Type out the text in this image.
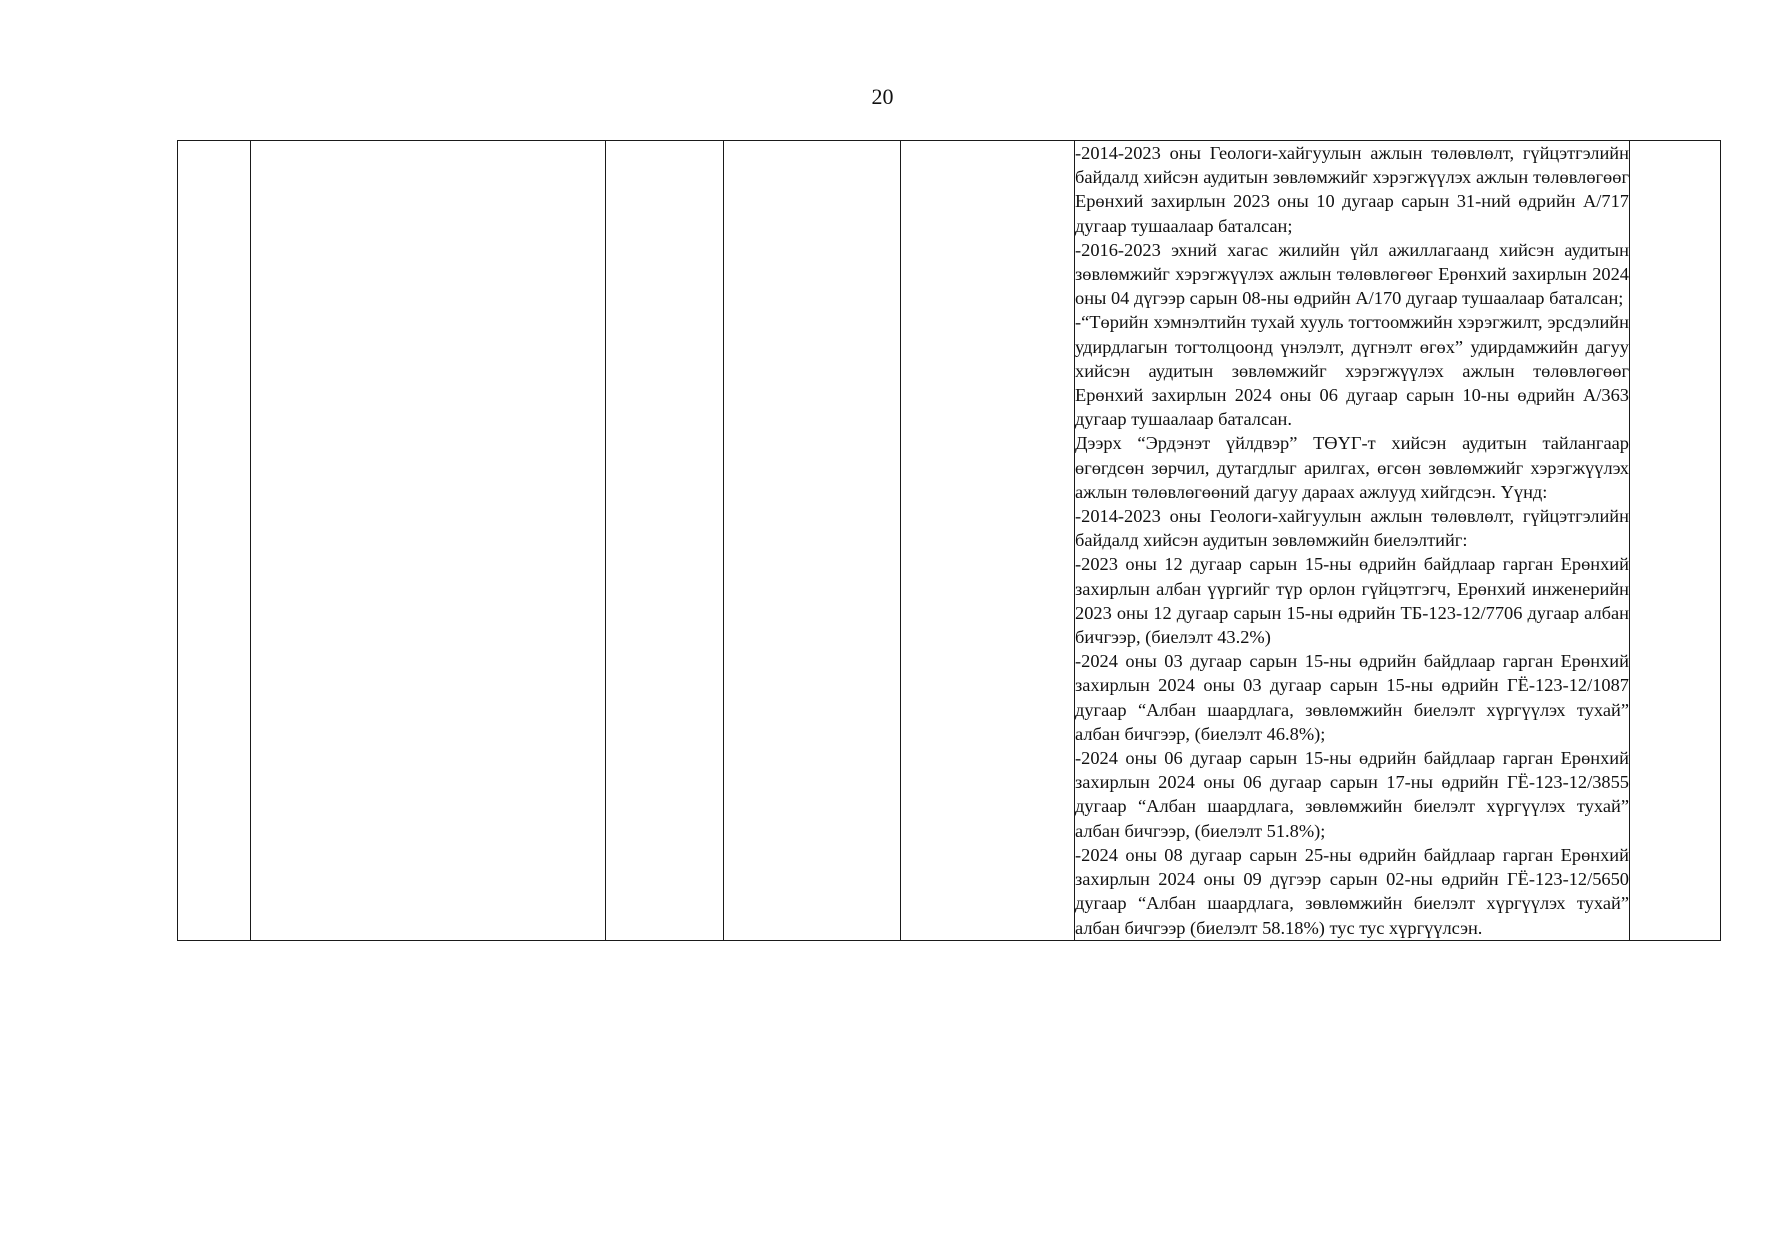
20

-2014-2023 оны Геологи-хайгуулын ажлын төлөвлөлт, гүйцэтгэлийн байдалд хийсэн аудитын зөвлөмжийг хэрэгжүүлэх ажлын төлөвлөгөөг Ерөнхий захирлын 2023 оны 10 дугаар сарын 31-ний өдрийн А/717 дугаар тушаалаар баталсан;

-2016-2023 эхний хагас жилийн үйл ажиллагаанд хийсэн аудитын зөвлөмжийг хэрэгжүүлэх ажлын төлөвлөгөөг Ерөнхий захирлын 2024 оны 04 дүгээр сарын 08-ны өдрийн А/170 дугаар тушаалаар баталсан;

-“Төрийн хэмнэлтийн тухай хууль тогтоомжийн хэрэгжилт, эрсдэлийн удирдлагын тогтолцоонд үнэлэлт, дүгнэлт өгөх” удирдамжийн дагуу хийсэн аудитын зөвлөмжийг хэрэгжүүлэх ажлын төлөвлөгөөг Ерөнхий захирлын 2024 оны 06 дугаар сарын 10-ны өдрийн А/363 дугаар тушаалаар баталсан.

Дээрх “Эрдэнэт үйлдвэр” ТӨҮГ-т хийсэн аудитын тайлангаар өгөгдсөн зөрчил, дутагдлыг арилгах, өгсөн зөвлөмжийг хэрэгжүүлэх ажлын төлөвлөгөөний дагуу дараах ажлууд хийгдсэн. Үүнд:

-2014-2023 оны Геологи-хайгуулын ажлын төлөвлөлт, гүйцэтгэлийн байдалд хийсэн аудитын зөвлөмжийн биелэлтийг:

-2023 оны 12 дугаар сарын 15-ны өдрийн байдлаар гарган Ерөнхий захирлын албан үүргийг түр орлон гүйцэтгэгч, Ерөнхий инженерийн 2023 оны 12 дугаар сарын 15-ны өдрийн ТБ-123-12/7706 дугаар албан бичгээр, (биелэлт 43.2%)

-2024 оны 03 дугаар сарын 15-ны өдрийн байдлаар гарган Ерөнхий захирлын 2024 оны 03 дугаар сарын 15-ны өдрийн ГЁ-123-12/1087 дугаар “Албан шаардлага, зөвлөмжийн биелэлт хүргүүлэх тухай” албан бичгээр, (биелэлт 46.8%);

-2024 оны 06 дугаар сарын 15-ны өдрийн байдлаар гарган Ерөнхий захирлын 2024 оны 06 дугаар сарын 17-ны өдрийн ГЁ-123-12/3855 дугаар “Албан шаардлага, зөвлөмжийн биелэлт хүргүүлэх тухай” албан бичгээр, (биелэлт 51.8%);

-2024 оны 08 дугаар сарын 25-ны өдрийн байдлаар гарган Ерөнхий захирлын 2024 оны 09 дүгээр сарын 02-ны өдрийн ГЁ-123-12/5650 дугаар “Албан шаардлага, зөвлөмжийн биелэлт хүргүүлэх тухай” албан бичгээр (биелэлт 58.18%) тус тус хүргүүлсэн.
